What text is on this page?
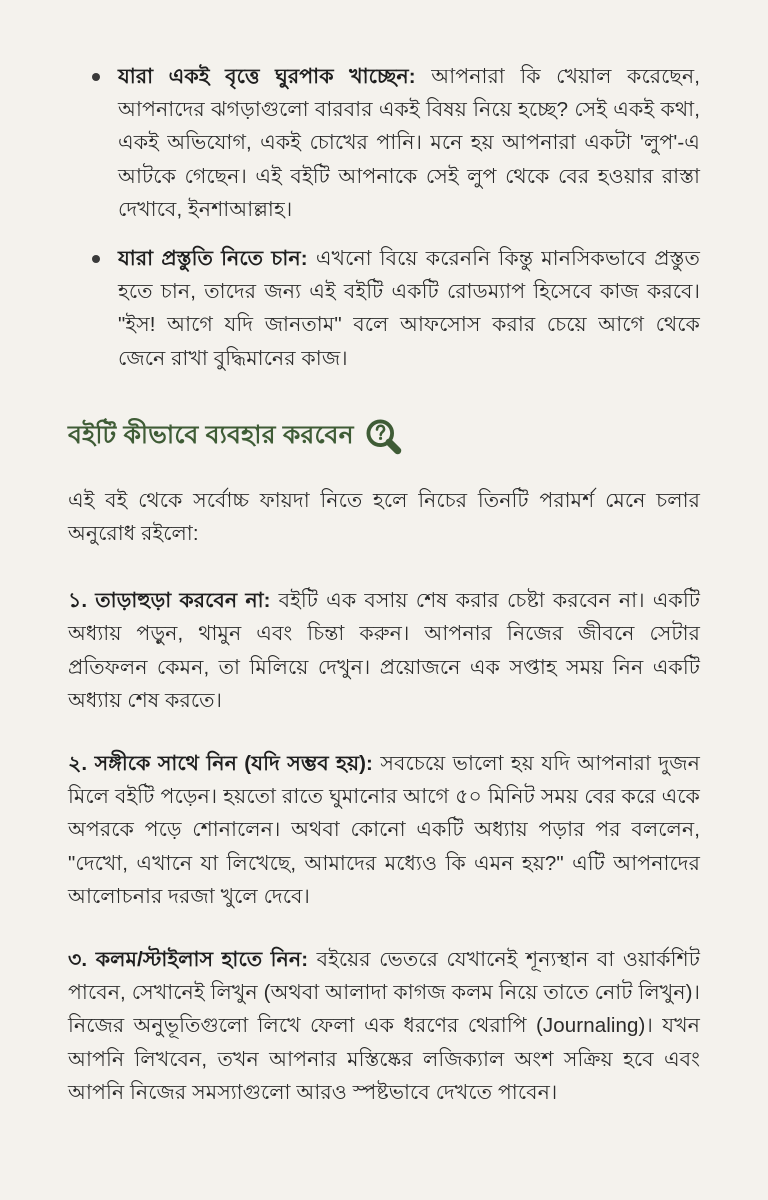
যারা একই বৃত্তে ঘুরপাক খাচ্ছেন: আপনারা কি খেয়াল করেছেন, আপনাদের ঝগড়াগুলো বারবার একই বিষয় নিয়ে হচ্ছে? সেই একই কথা, একই অভিযোগ, একই চোখের পানি। মনে হয় আপনারা একটা 'লুপ'-এ আটকে গেছেন। এই বইটি আপনাকে সেই লুপ থেকে বের হওয়ার রাস্তা দেখাবে, ইনশাআল্লাহ।
যারা প্রস্তুতি নিতে চান: এখনো বিয়ে করেননি কিন্তু মানসিকভাবে প্রস্তুত হতে চান, তাদের জন্য এই বইটি একটি রোডম্যাপ হিসেবে কাজ করবে। "ইস! আগে যদি জানতাম" বলে আফসোস করার চেয়ে আগে থেকে জেনে রাখা বুদ্ধিমানের কাজ।
বইটি কীভাবে ব্যবহার করবেন

এই বই থেকে সর্বোচ্চ ফায়দা নিতে হলে নিচের তিনটি পরামর্শ মেনে চলার অনুরোধ রইলো:

১. তাড়াহুড়া করবেন না: বইটি এক বসায় শেষ করার চেষ্টা করবেন না। একটি অধ্যায় পড়ুন, থামুন এবং চিন্তা করুন। আপনার নিজের জীবনে সেটার প্রতিফলন কেমন, তা মিলিয়ে দেখুন। প্রয়োজনে এক সপ্তাহ সময় নিন একটি অধ্যায় শেষ করতে।

২. সঙ্গীকে সাথে নিন (যদি সম্ভব হয়): সবচেয়ে ভালো হয় যদি আপনারা দুজন মিলে বইটি পড়েন। হয়তো রাতে ঘুমানোর আগে ৫০ মিনিট সময় বের করে একে অপরকে পড়ে শোনালেন। অথবা কোনো একটি অধ্যায় পড়ার পর বললেন, "দেখো, এখানে যা লিখেছে, আমাদের মধ্যেও কি এমন হয়?" এটি আপনাদের আলোচনার দরজা খুলে দেবে।

৩. কলম/স্টাইলাস হাতে নিন: বইয়ের ভেতরে যেখানেই শূন্যস্থান বা ওয়ার্কশিট পাবেন, সেখানেই লিখুন (অথবা আলাদা কাগজ কলম নিয়ে তাতে নোট লিখুন)। নিজের অনুভূতিগুলো লিখে ফেলা এক ধরণের থেরাপি (Journaling)। যখন আপনি লিখবেন, তখন আপনার মস্তিষ্কের লজিক্যাল অংশ সক্রিয় হবে এবং আপনি নিজের সমস্যাগুলো আরও স্পষ্টভাবে দেখতে পাবেন।
